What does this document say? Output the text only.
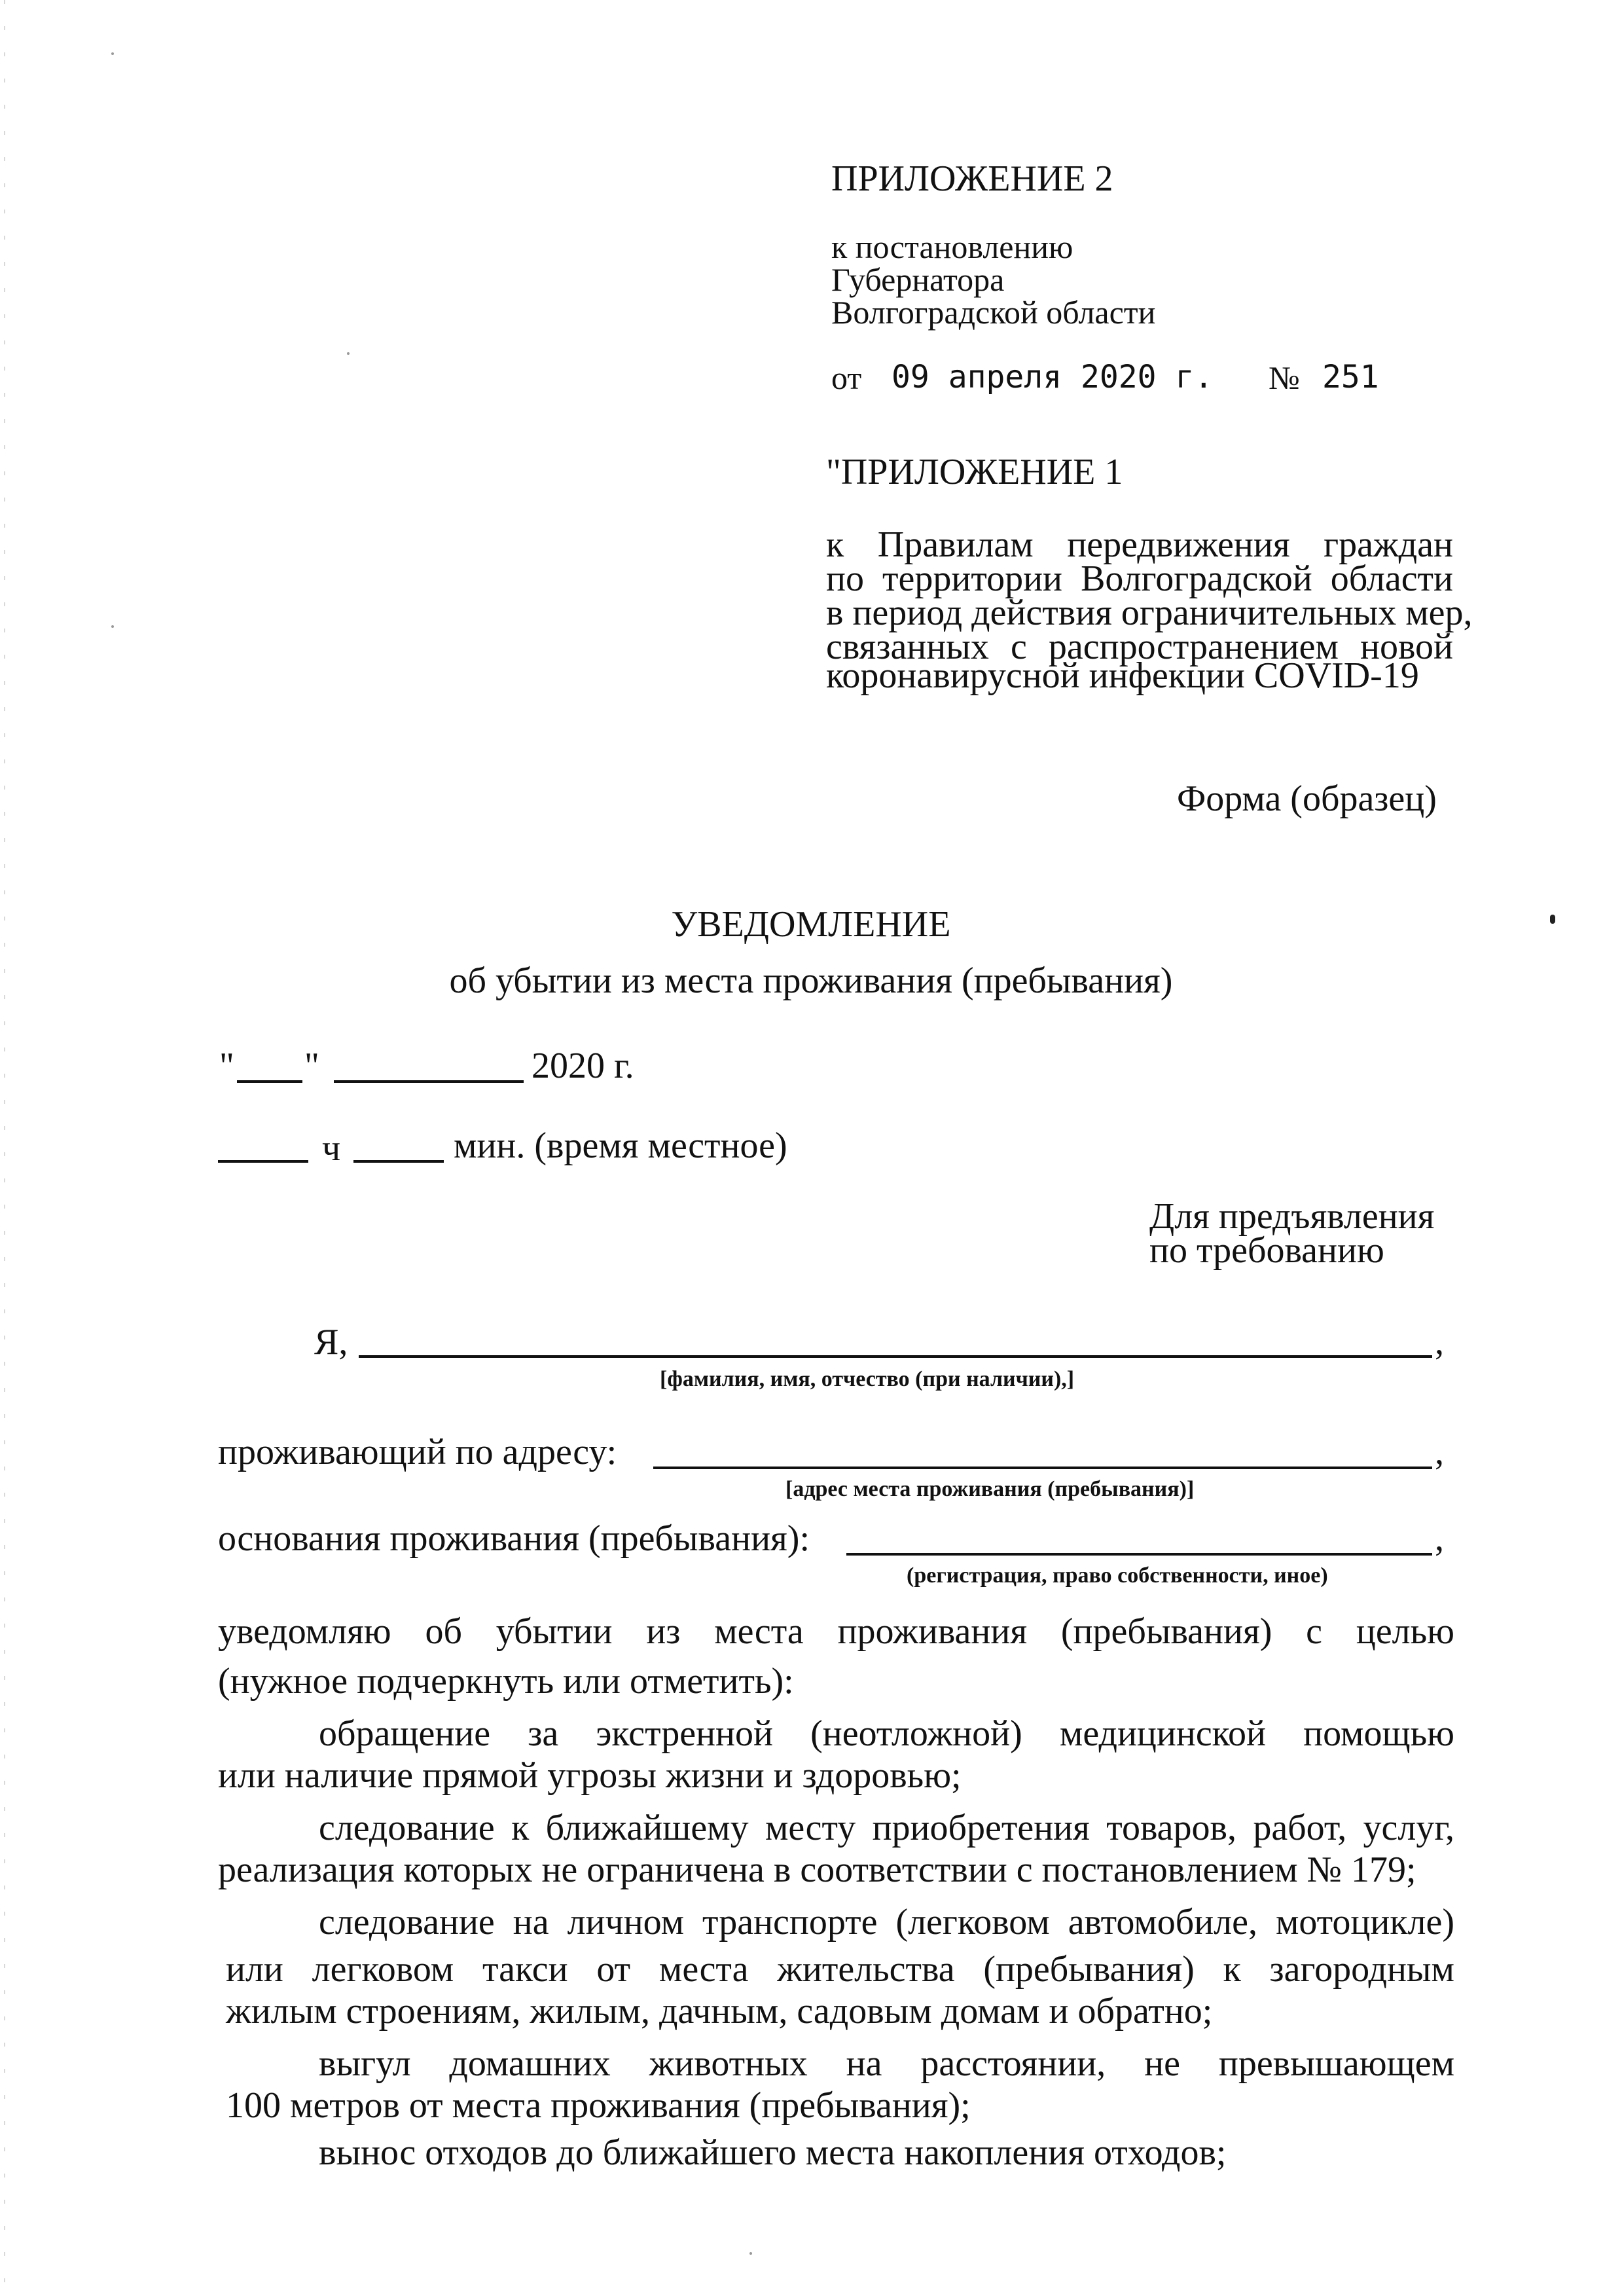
ПРИЛОЖЕНИЕ 2
к постановлению
Губернатора
Волгоградской области
от 09 апреля 2020 г. № 251
"ПРИЛОЖЕНИЕ 1
к Правилам передвижения граждан
по территории Волгоградской области
в период действия ограничительных мер,
связанных с распространением новой
коронавирусной инфекции COVID-19
Форма (образец)
УВЕДОМЛЕНИЕ
об убытии из места проживания (пребывания)
" "	2020 г.
ч	мин. (время местное)
Для предъявления
по требованию
Я,	,
[фамилия, имя, отчество (при наличии),]
проживающий по адресу:	,
[адрес места проживания (пребывания)]
основания проживания (пребывания):	,
(регистрация, право собственности, иное)
уведомляю об убытии из места проживания (пребывания) с целью
(нужное подчеркнуть или отметить):
обращение за экстренной (неотложной) медицинской помощью
или наличие прямой угрозы жизни и здоровью;
следование к ближайшему месту приобретения товаров, работ, услуг,
реализация которых не ограничена в соответствии с постановлением № 179;
следование на личном транспорте (легковом автомобиле, мотоцикле)
или легковом такси от места жительства (пребывания) к загородным
жилым строениям, жилым, дачным, садовым домам и обратно;
выгул домашних животных на расстоянии, не превышающем
100 метров от места проживания (пребывания);
вынос отходов до ближайшего места накопления отходов;
